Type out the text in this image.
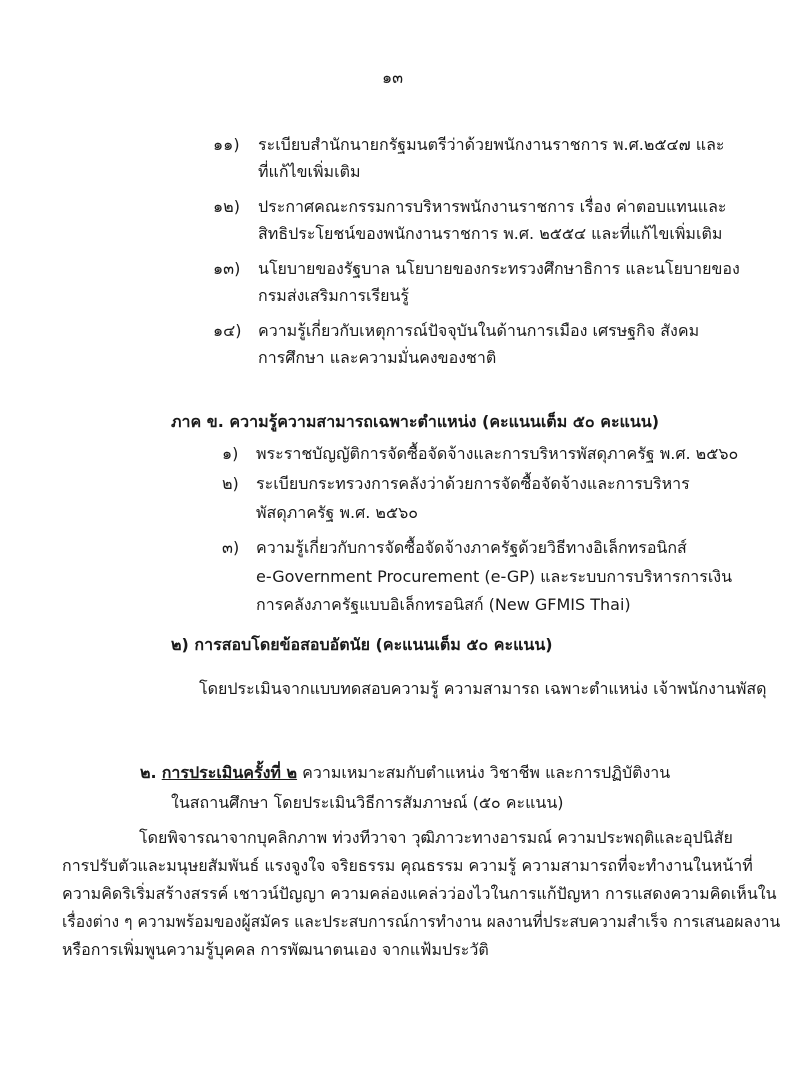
๑๓
๑๑) ระเบียบสำนักนายกรัฐมนตรีว่าด้วยพนักงานราชการ พ.ศ.๒๕๔๗ และ
ที่แก้ไขเพิ่มเติม
๑๒) ประกาศคณะกรรมการบริหารพนักงานราชการ เรื่อง ค่าตอบแทนและ
สิทธิประโยชน์ของพนักงานราชการ พ.ศ. ๒๕๕๔ และที่แก้ไขเพิ่มเติม
๑๓) นโยบายของรัฐบาล นโยบายของกระทรวงศึกษาธิการ และนโยบายของ
กรมส่งเสริมการเรียนรู้
๑๔) ความรู้เกี่ยวกับเหตุการณ์ปัจจุบันในด้านการเมือง เศรษฐกิจ สังคม
การศึกษา และความมั่นคงของชาติ
ภาค ข. ความรู้ความสามารถเฉพาะตำแหน่ง (คะแนนเต็ม ๕๐ คะแนน)
๑) พระราชบัญญัติการจัดซื้อจัดจ้างและการบริหารพัสดุภาครัฐ พ.ศ. ๒๕๖๐
๒) ระเบียบกระทรวงการคลังว่าด้วยการจัดซื้อจัดจ้างและการบริหาร
พัสดุภาครัฐ พ.ศ. ๒๕๖๐
๓) ความรู้เกี่ยวกับการจัดซื้อจัดจ้างภาครัฐด้วยวิธีทางอิเล็กทรอนิกส์
e-Government Procurement (e-GP) และระบบการบริหารการเงิน
การคลังภาครัฐแบบอิเล็กทรอนิสก์ (New GFMIS Thai)
๒) การสอบโดยข้อสอบอัตนัย (คะแนนเต็ม ๕๐ คะแนน)
โดยประเมินจากแบบทดสอบความรู้ ความสามารถ เฉพาะตำแหน่ง เจ้าพนักงานพัสดุ
๒. การประเมินครั้งที่ ๒ ความเหมาะสมกับตำแหน่ง วิชาชีพ และการปฏิบัติงาน
ในสถานศึกษา โดยประเมินวิธีการสัมภาษณ์ (๕๐ คะแนน)
โดยพิจารณาจากบุคลิกภาพ ท่วงทีวาจา วุฒิภาวะทางอารมณ์ ความประพฤติและอุปนิสัย
การปรับตัวและมนุษยสัมพันธ์ แรงจูงใจ จริยธรรม คุณธรรม ความรู้ ความสามารถที่จะทำงานในหน้าที่
ความคิดริเริ่มสร้างสรรค์ เชาวน์ปัญญา ความคล่องแคล่วว่องไวในการแก้ปัญหา การแสดงความคิดเห็นใน
เรื่องต่าง ๆ ความพร้อมของผู้สมัคร และประสบการณ์การทำงาน ผลงานที่ประสบความสำเร็จ การเสนอผลงาน
หรือการเพิ่มพูนความรู้บุคคล การพัฒนาตนเอง จากแฟ้มประวัติ
